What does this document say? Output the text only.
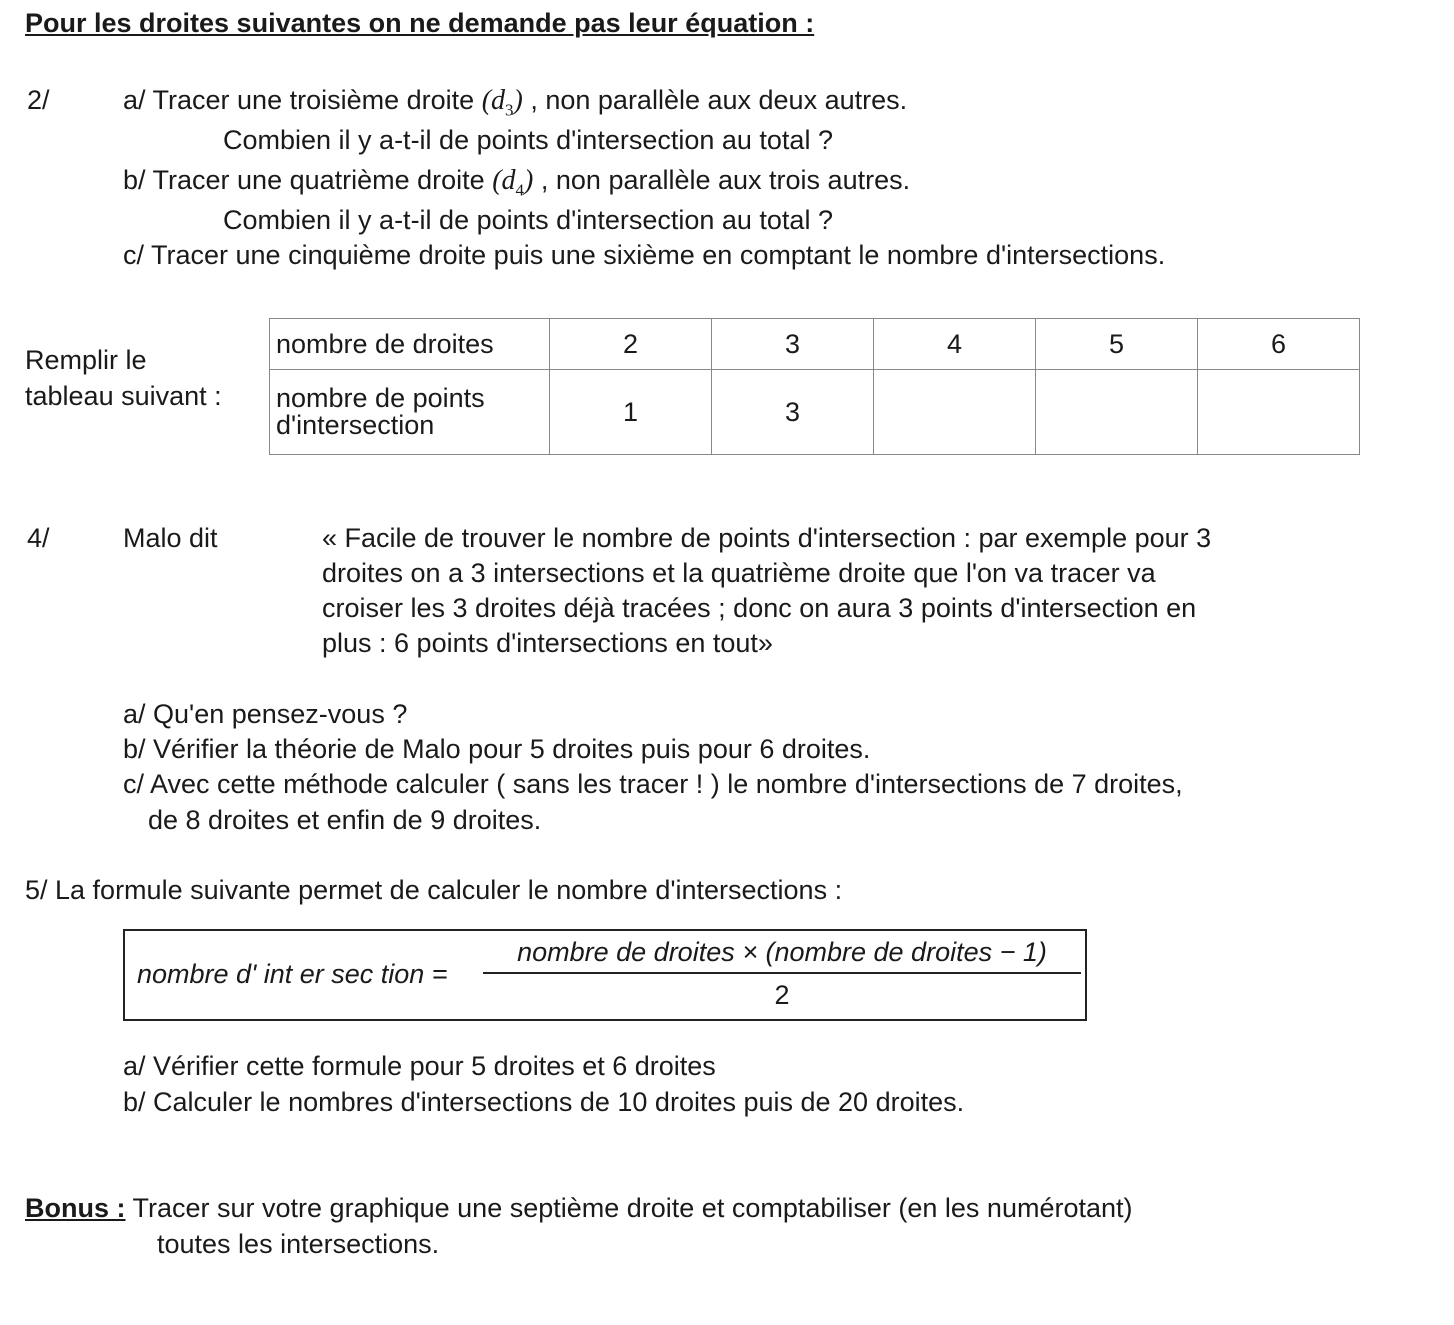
Pour les droites suivantes on ne demande pas leur équation :
2/	a/ Tracer une troisième droite $(d_3)$ , non parallèle aux deux autres.
Combien il y a-t-il de points d'intersection au total ?
b/ Tracer une quatrième droite $(d_4)$ , non parallèle aux trois autres.
Combien il y a-t-il de points d'intersection au total ?
c/ Tracer une cinquième droite puis une sixième en comptant le nombre d'intersections.
Remplir le
tableau suivant :
nombre de droites	2	3	4	5	6
nombre de points
d'intersection	1	3			
4/	Malo dit	« Facile de trouver le nombre de points d'intersection : par exemple pour 3
droites on a 3 intersections et la quatrième droite que l'on va tracer va
croiser les 3 droites déjà tracées ; donc on aura 3 points d'intersection en
plus : 6 points d'intersections en tout»
a/ Qu'en pensez-vous ?
b/ Vérifier la théorie de Malo pour 5 droites puis pour 6 droites.
c/ Avec cette méthode calculer ( sans les tracer ! ) le nombre d'intersections de 7 droites,
de 8 droites et enfin de 9 droites.
5/ La formule suivante permet de calculer le nombre d'intersections :
nombre d' int er sec tion =
nombre de droites × (nombre de droites − 1)
2
a/ Vérifier cette formule pour 5 droites et 6 droites
b/ Calculer le nombres d'intersections de 10 droites puis de 20 droites.
Bonus : Tracer sur votre graphique une septième droite et comptabiliser (en les numérotant)
toutes les intersections.
